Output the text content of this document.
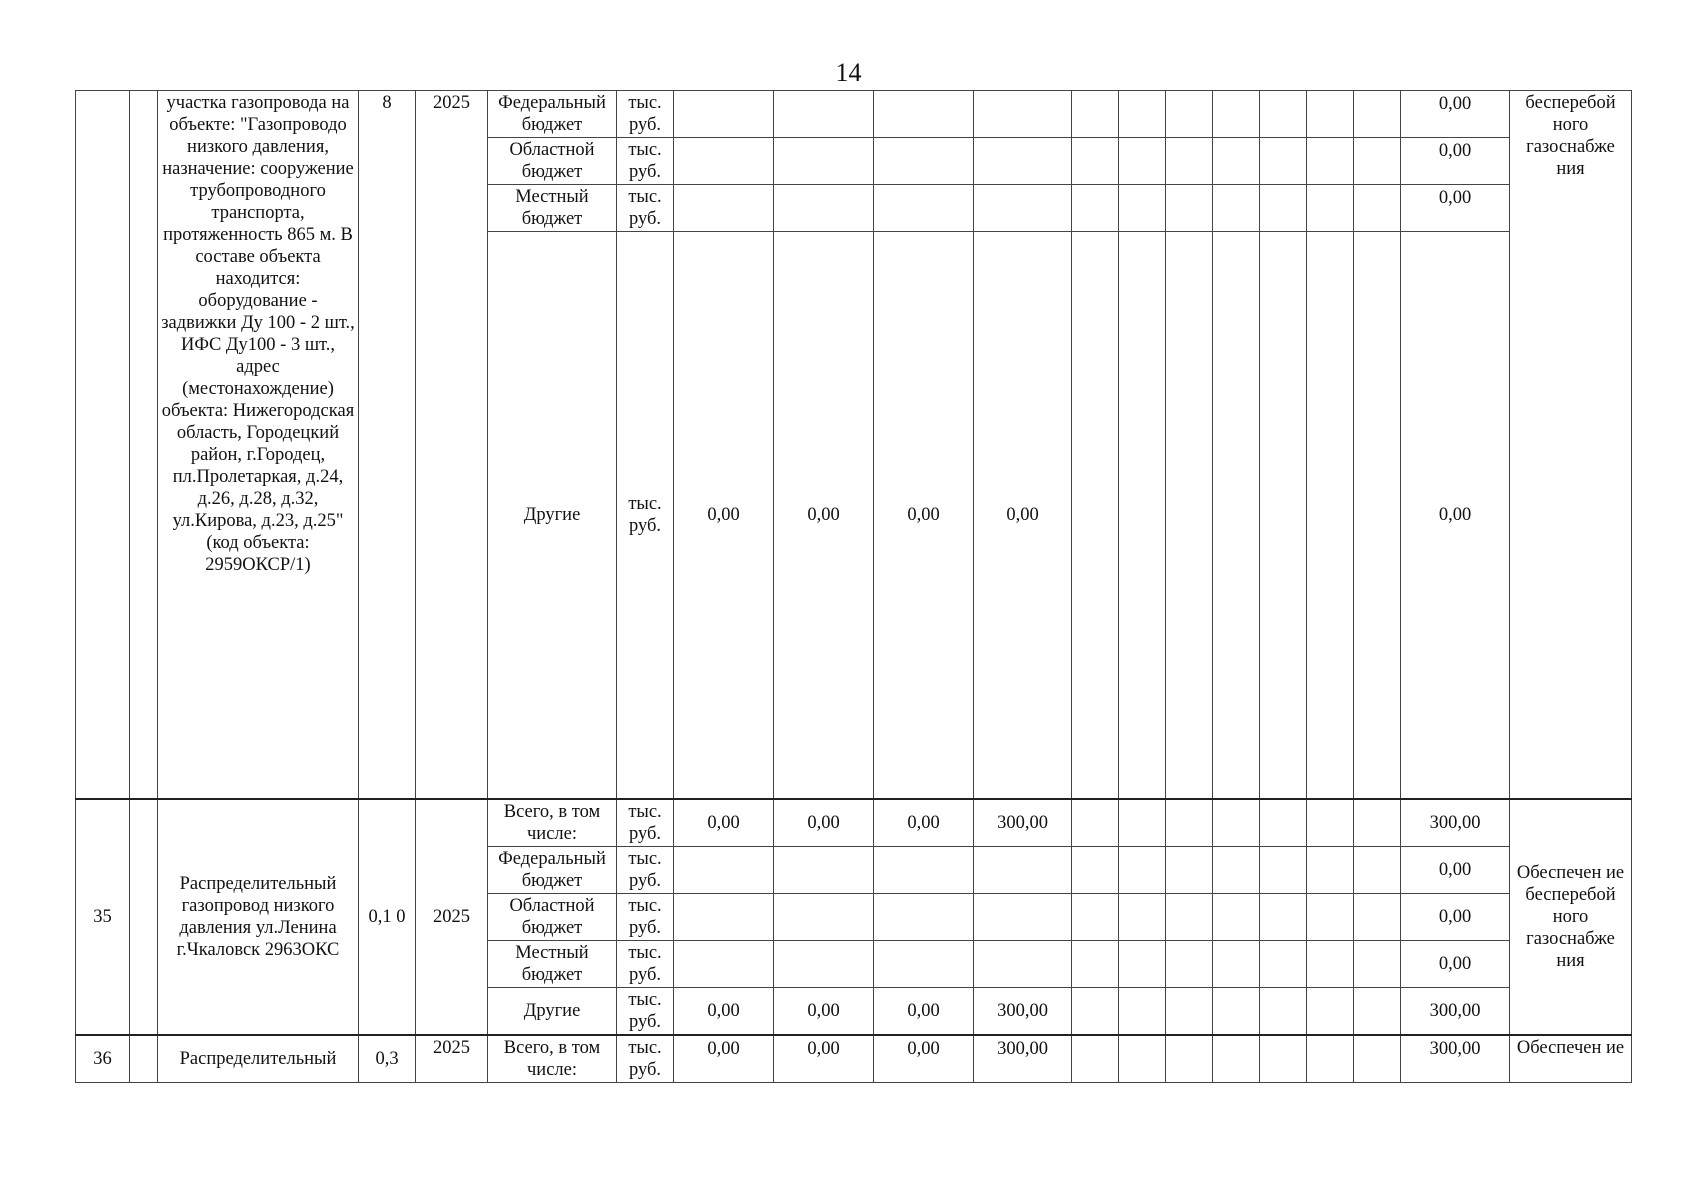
14
		участка газопровода на объекте: "Газопроводо низкого давления, назначение: сооружение трубопроводного транспорта, протяженность 865 м. В составе объекта находится: оборудование - задвижки Ду 100 - 2 шт., ИФС Ду100 - 3 шт., адрес (местонахождение) объекта: Нижегородская область, Городецкий район, г.Городец, пл.Пролетаркая, д.24, д.26, д.28, д.32, ул.Кирова, д.23, д.25" (код объекта: 2959ОКСР/1)	8	2025	Федеральный бюджет	тыс. руб.												0,00	бесперебой ного газоснабже ния
					Областной бюджет	тыс. руб.												0,00	
					Местный бюджет	тыс. руб.												0,00	
					Другие	тыс. руб.	0,00	0,00	0,00	0,00								0,00	
35		Распределительный газопровод низкого давления ул.Ленина г.Чкаловск 2963ОКС	0,1 0	2025	Всего, в том числе:	тыс. руб.	0,00	0,00	0,00	300,00								300,00	Обеспечен ие бесперебой ного газоснабже ния
					Федеральный бюджет	тыс. руб.												0,00	
					Областной бюджет	тыс. руб.												0,00	
					Местный бюджет	тыс. руб.												0,00	
					Другие	тыс. руб.	0,00	0,00	0,00	300,00								300,00	
36		Распределительный	0,3	2025	Всего, в том числе:	тыс. руб.	0,00	0,00	0,00	300,00								300,00	Обеспечен ие
